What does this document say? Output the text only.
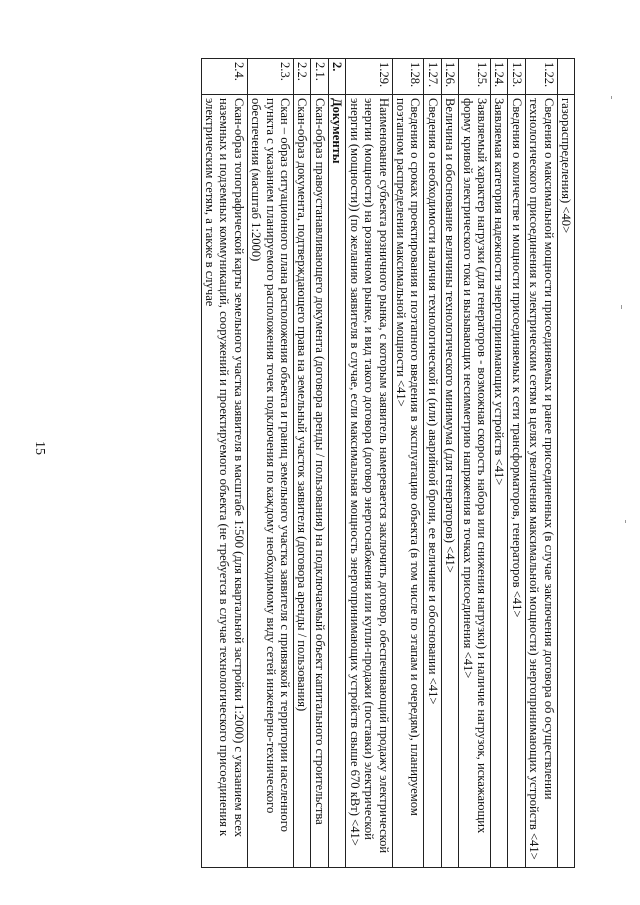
15
	газораспределения) <40>
1.22.	Сведения о максимальной мощности присоединяемых и ранее присоединенных (в случае заключения договора об осуществлении технологического присоединения к электрическим сетям в целях увеличения максимальной мощности) энергопринимающих устройств <41>
1.23.	Сведения о количестве и мощности присоединяемых к сети трансформаторов, генераторов <41>
1.24.	Заявляемая категория надежности энергопринимающих устройств <41>
1.25.	Заявляемый характер нагрузки (для генераторов - возможная скорость набора или снижения нагрузки) и наличие нагрузок, искажающих форму кривой электрического тока и вызывающих несимметрию напряжения в точках присоединения <41>
1.26.	Величина и обоснование величины технологического минимума (для генераторов) <41>
1.27.	Сведения о необходимости наличия технологической и (или) аварийной брони, ее величине и обосновании <41>
1.28.	Сведения о сроках проектирования и поэтапного введения в эксплуатацию объекта (в том числе по этапам и очередям), планируемом поэтапном распределении максимальной мощности <41>
1.29.	Наименование субъекта розничного рынка, с которым заявитель намеревается заключить договор, обеспечивающий продажу электрической энергии (мощности) на розничном рынке, и вид такого договора (договор энергоснабжения или купли-продажи (поставки) электрической энергии (мощности)) (по желанию заявителя в случае, если максимальная мощность энергопринимающих устройств свыше 670 кВт) <41>
2.	Документы
2.1.	Скан-образ правоустанавливающего документа (договора аренды / пользования) на подключаемый объект капитального строительства
2.2.	Скан-образ документа, подтверждающего права на земельный участок заявителя (договора аренды / пользования)
2.3.	Скан – образ ситуационного плана расположения объекта и границ земельного участка заявителя с привязкой к территории населенного пункта с указанием планируемого расположения точек подключения по каждому необходимому виду сетей инженерно-технического обеспечения (масштаб 1:2000)
2.4.	Скан-образ топографической карты земельного участка заявителя в масштабе 1:500 (для квартальной застройки 1:2000) с указанием всех наземных и подземных коммуникаций, сооружений и проектируемого объекта (не требуется в случае технологического присоединения к электрическим сетям, а также в случае
